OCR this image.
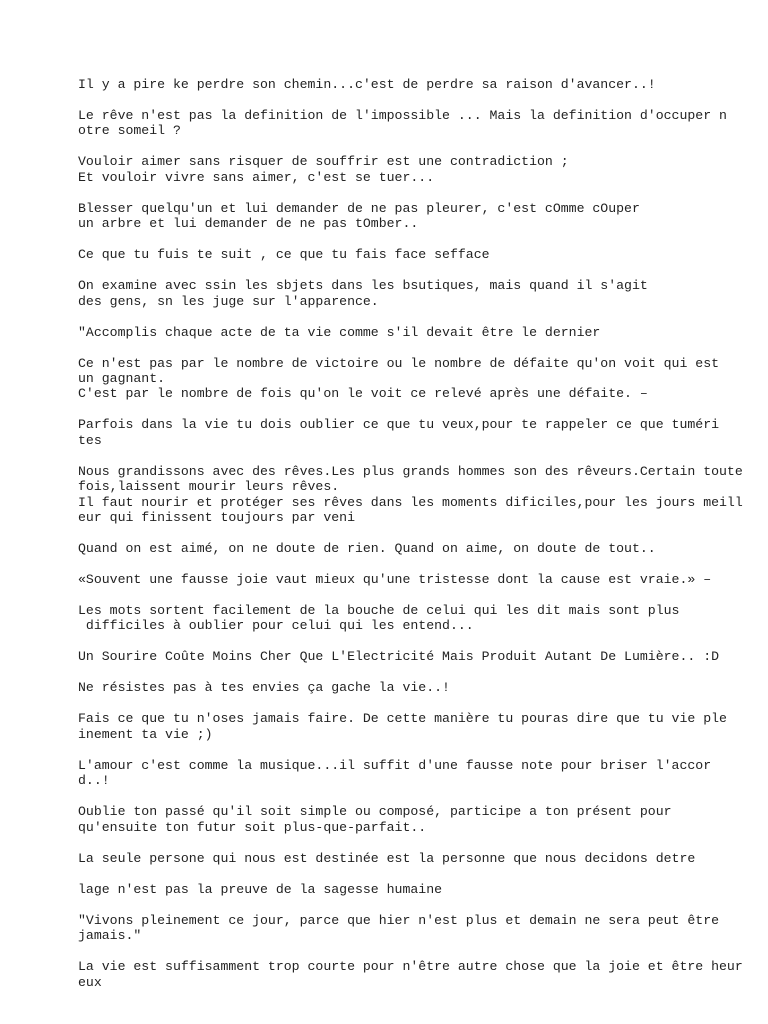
Il y a pire ke perdre son chemin...c'est de perdre sa raison d'avancer..!
Le rêve n'est pas la definition de l'impossible ... Mais la definition d'occuper n
otre someil ?
Vouloir aimer sans risquer de souffrir est une contradiction ;
Et vouloir vivre sans aimer, c'est se tuer...
Blesser quelqu'un et lui demander de ne pas pleurer, c'est cOmme cOuper
un arbre et lui demander de ne pas tOmber..
Ce que tu fuis te suit , ce que tu fais face sefface
On examine avec ssin les sbjets dans les bsutiques, mais quand il s'agit
des gens, sn les juge sur l'apparence.
"Accomplis chaque acte de ta vie comme s'il devait être le dernier
Ce n'est pas par le nombre de victoire ou le nombre de défaite qu'on voit qui est
un gagnant.
C'est par le nombre de fois qu'on le voit ce relevé après une défaite. –
Parfois dans la vie tu dois oublier ce que tu veux,pour te rappeler ce que tuméri
tes
Nous grandissons avec des rêves.Les plus grands hommes son des rêveurs.Certain toute
fois,laissent mourir leurs rêves.
Il faut nourir et protéger ses rêves dans les moments dificiles,pour les jours meill
eur qui finissent toujours par veni
Quand on est aimé, on ne doute de rien. Quand on aime, on doute de tout..
«Souvent une fausse joie vaut mieux qu'une tristesse dont la cause est vraie.» –
Les mots sortent facilement de la bouche de celui qui les dit mais sont plus
difficiles à oublier pour celui qui les entend...
Un Sourire Coûte Moins Cher Que L'Electricité Mais Produit Autant De Lumière.. :D
Ne résistes pas à tes envies ça gache la vie..!
Fais ce que tu n'oses jamais faire. De cette manière tu pouras dire que tu vie ple
inement ta vie ;)
L'amour c'est comme la musique...il suffit d'une fausse note pour briser l'accor
d..!
Oublie ton passé qu'il soit simple ou composé, participe a ton présent pour
qu'ensuite ton futur soit plus-que-parfait..
La seule persone qui nous est destinée est la personne que nous decidons detre
lage n'est pas la preuve de la sagesse humaine
"Vivons pleinement ce jour, parce que hier n'est plus et demain ne sera peut être
jamais."
La vie est suffisamment trop courte pour n'être autre chose que la joie et être heur
eux
